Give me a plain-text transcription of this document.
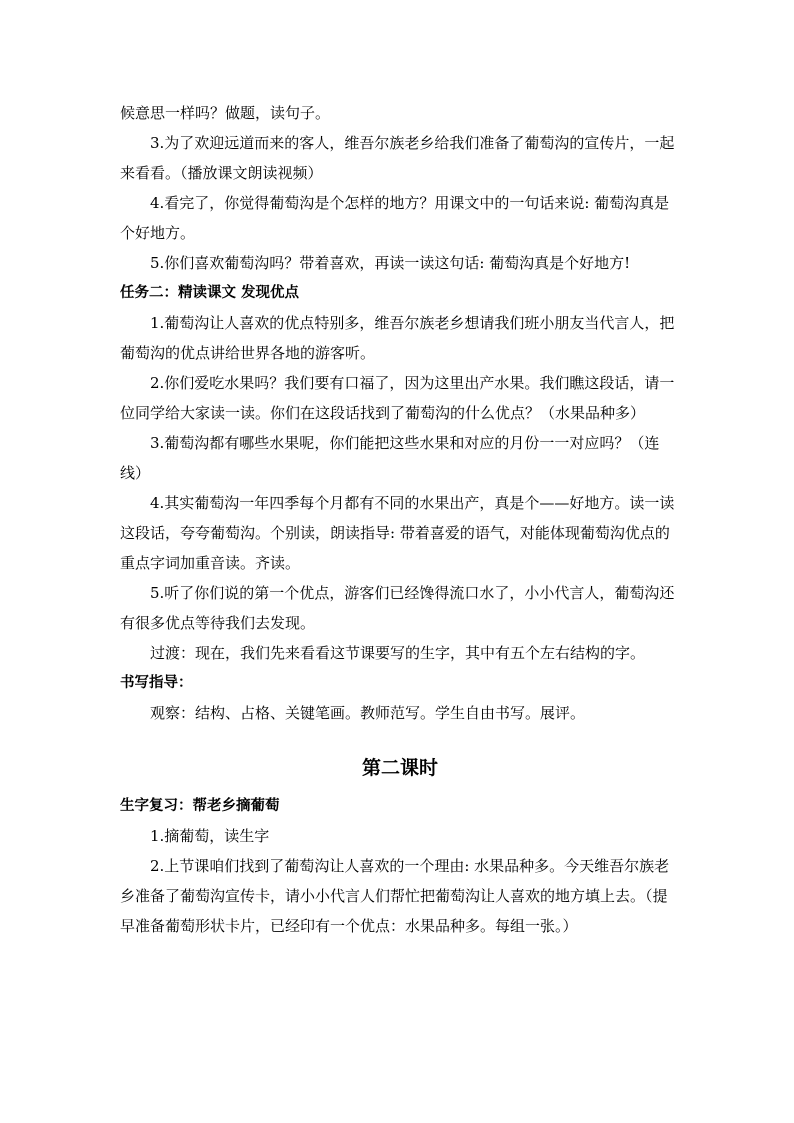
候意思一样吗？做题，读句子。

3.为了欢迎远道而来的客人，维吾尔族老乡给我们准备了葡萄沟的宣传片，一起来看看。（播放课文朗读视频）

4.看完了，你觉得葡萄沟是个怎样的地方？用课文中的一句话来说: 葡萄沟真是个好地方。

5.你们喜欢葡萄沟吗？带着喜欢，再读一读这句话: 葡萄沟真是个好地方!

任务二：精读课文 发现优点

1.葡萄沟让人喜欢的优点特别多，维吾尔族老乡想请我们班小朋友当代言人，把葡萄沟的优点讲给世界各地的游客听。

2.你们爱吃水果吗？我们要有口福了，因为这里出产水果。我们瞧这段话，请一位同学给大家读一读。你们在这段话找到了葡萄沟的什么优点？（水果品种多）

3.葡萄沟都有哪些水果呢，你们能把这些水果和对应的月份一一对应吗？（连线）

4.其实葡萄沟一年四季每个月都有不同的水果出产，真是个——好地方。读一读这段话，夸夸葡萄沟。个别读，朗读指导: 带着喜爱的语气，对能体现葡萄沟优点的重点字词加重音读。齐读。

5.听了你们说的第一个优点，游客们已经馋得流口水了，小小代言人，葡萄沟还有很多优点等待我们去发现。

过渡：现在，我们先来看看这节课要写的生字，其中有五个左右结构的字。

书写指导：

观察：结构、占格、关键笔画。教师范写。学生自由书写。展评。

第二课时

生字复习：帮老乡摘葡萄

1.摘葡萄，读生字

2.上节课咱们找到了葡萄沟让人喜欢的一个理由: 水果品种多。今天维吾尔族老乡准备了葡萄沟宣传卡，请小小代言人们帮忙把葡萄沟让人喜欢的地方填上去。（提早准备葡萄形状卡片，已经印有一个优点：水果品种多。每组一张。）
